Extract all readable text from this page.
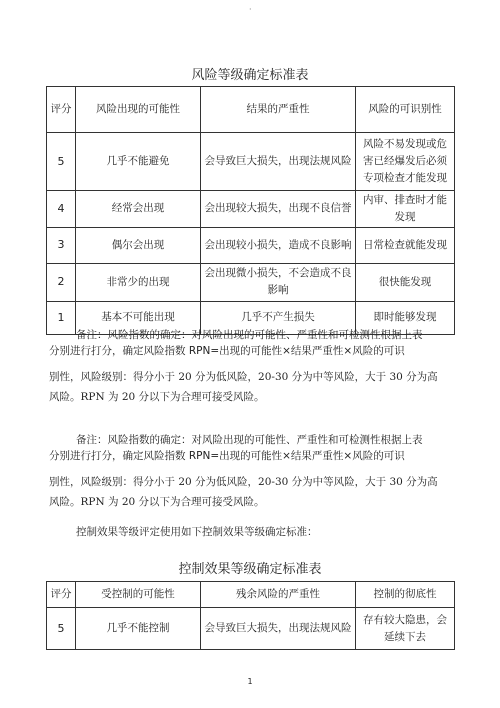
·
风险等级确定标准表
评分	风险出现的可能性	结果的严重性	风险的可识别性
5	几乎不能避免	会导致巨大损失，出现法规风险	风险不易发现或危害已经爆发后必须专项检查才能发现
4	经常会出现	会出现较大损失，出现不良信誉	内审、排查时才能发现
3	偶尔会出现	会出现较小损失，造成不良影响	日常检查就能发现
2	非常少的出现	会出现微小损失，不会造成不良影响	很快能发现
1	基本不可能出现	几乎不产生损失	即时能够发现

备注：风险指数的确定：对风险出现的可能性、严重性和可检测性根据上表

分别进行打分，确定风险指数 RPN=出现的可能性×结果严重性×风险的可识

别性，风险级别：得分小于 20 分为低风险，20-30 分为中等风险，大于 30 分为高

风险。RPN 为 20 分以下为合理可接受风险。

备注：风险指数的确定：对风险出现的可能性、严重性和可检测性根据上表

分别进行打分，确定风险指数 RPN=出现的可能性×结果严重性×风险的可识

别性，风险级别：得分小于 20 分为低风险，20-30 分为中等风险，大于 30 分为高

风险。RPN 为 20 分以下为合理可接受风险。

控制效果等级评定使用如下控制效果等级确定标准：
控制效果等级确定标准表
评分	受控制的可能性	残余风险的严重性	控制的彻底性
5	几乎不能控制	会导致巨大损失，出现法规风险	存有较大隐患，会延续下去
1
